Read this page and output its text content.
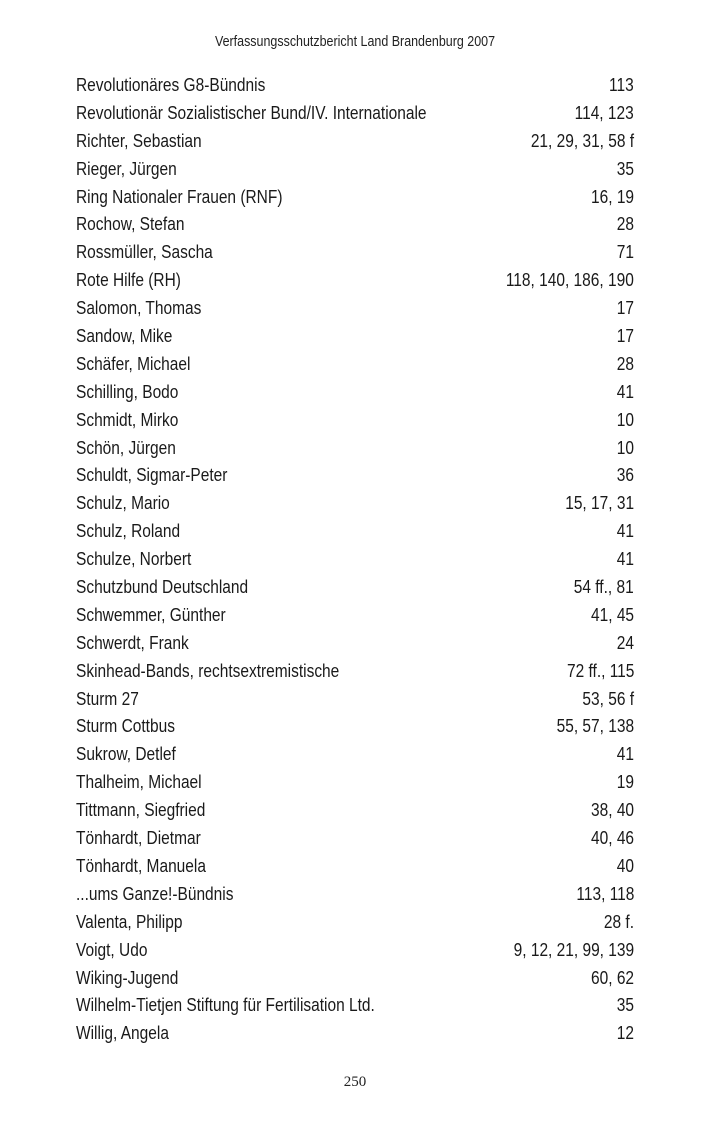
Verfassungsschutzbericht Land Brandenburg 2007
Revolutionäres G8-Bündnis	113
Revolutionär Sozialistischer Bund/IV. Internationale	114, 123
Richter, Sebastian	21, 29, 31, 58 f
Rieger, Jürgen	35
Ring Nationaler Frauen (RNF)	16, 19
Rochow, Stefan	28
Rossmüller, Sascha	71
Rote Hilfe (RH)	118, 140, 186, 190
Salomon, Thomas	17
Sandow, Mike	17
Schäfer, Michael	28
Schilling, Bodo	41
Schmidt, Mirko	10
Schön, Jürgen	10
Schuldt, Sigmar-Peter	36
Schulz, Mario	15, 17, 31
Schulz, Roland	41
Schulze, Norbert	41
Schutzbund Deutschland	54 ff., 81
Schwemmer, Günther	41, 45
Schwerdt, Frank	24
Skinhead-Bands, rechtsextremistische	72 ff., 115
Sturm 27	53, 56 f
Sturm Cottbus	55, 57, 138
Sukrow, Detlef	41
Thalheim, Michael	19
Tittmann, Siegfried	38, 40
Tönhardt, Dietmar	40, 46
Tönhardt, Manuela	40
...ums Ganze!-Bündnis	113, 118
Valenta, Philipp	28 f.
Voigt, Udo	9, 12, 21, 99, 139
Wiking-Jugend	60, 62
Wilhelm-Tietjen Stiftung für Fertilisation Ltd.	35
Willig, Angela	12
250
